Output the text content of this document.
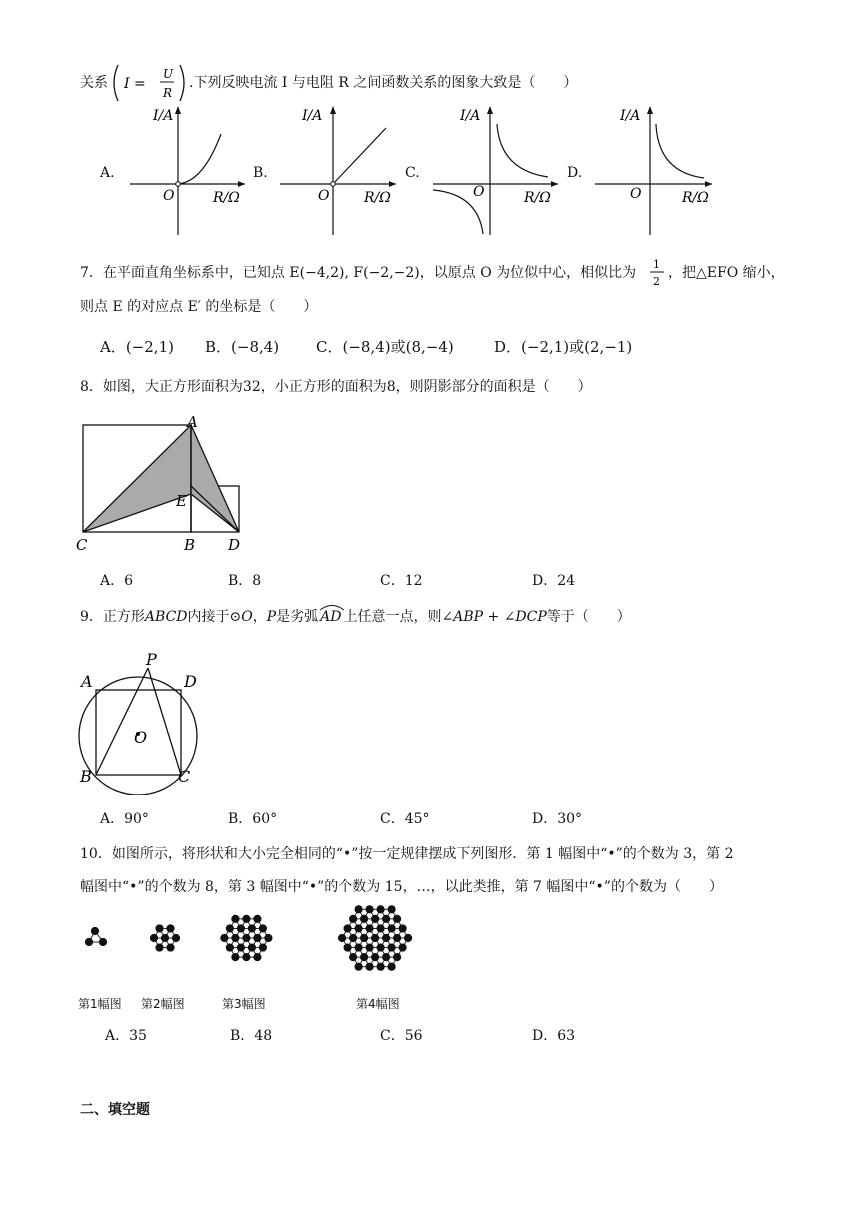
关系 I =
U
R
.下列反映电流 I 与电阻 R 之间函数关系的图象大致是（　　）
A.
I/A
R/Ω
O
B.
I/A
R/Ω
O
C.
I/A
R/Ω
O
D.
I/A
R/Ω
O
7．在平面直角坐标系中，已知点 E(−4,2), F(−2,−2)，以原点 O 为位似中心，相似比为
1
2
，把△EFO 缩小，
则点 E 的对应点 E′ 的坐标是（　　）
A．(−2,1) B．(−8,4) C．(−8,4)或(8,−4)	D．(−2,1)或(2,−1)
8．如图，大正方形面积为32，小正方形的面积为8，则阴影部分的面积是（　　）
A
E
C	B D
A．6	B．8	C．12	D．24
9．正方形ABCD内接于⊙O，P是劣弧 AD 上任意一点，则∠ABP + ∠DCP等于（　　）
P
A	D
O
B	C
A．90°	B．60°	C．45°	D．30°
10．如图所示，将形状和大小完全相同的“•”按一定规律摆成下列图形．第 1 幅图中“•”的个数为 3，第 2
幅图中“•”的个数为 8，第 3 幅图中“•”的个数为 15，…，以此类推，第 7 幅图中“•”的个数为（　　）
第1幅图 第2幅图	第3幅图	第4幅图
A．35	B．48	C．56	D．63
二、填空题
